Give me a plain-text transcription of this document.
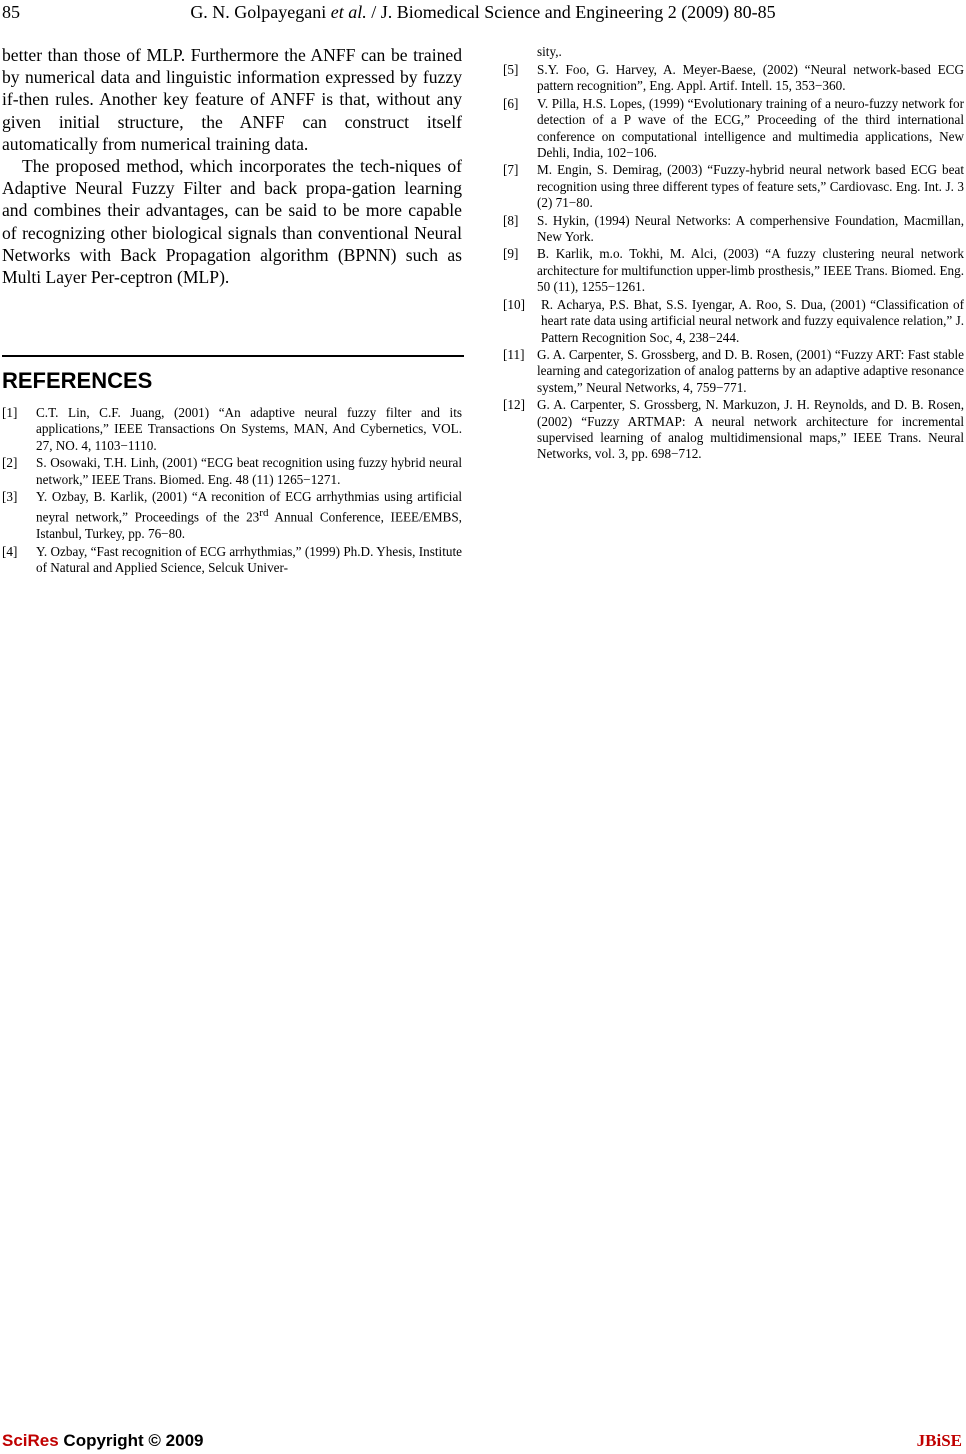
85	G. N. Golpayegani et al. / J. Biomedical Science and Engineering 2 (2009) 80-85

better than those of MLP. Furthermore the ANFF can be trained by numerical data and linguistic information expressed by fuzzy if-then rules. Another key feature of ANFF is that, without any given initial structure, the ANFF can construct itself automatically from numerical training data.

The proposed method, which incorporates the tech-niques of Adaptive Neural Fuzzy Filter and back propa-gation learning and combines their advantages, can be said to be more capable of recognizing other biological signals than conventional Neural Networks with Back Propagation algorithm (BPNN) such as Multi Layer Per-ceptron (MLP).

REFERENCES
[1] C.T. Lin, C.F. Juang, (2001) “An adaptive neural fuzzy filter and its applications,” IEEE Transactions On Systems, MAN, And Cybernetics, VOL. 27, NO. 4, 1103−1110.
[2] S. Osowaki, T.H. Linh, (2001) “ECG beat recognition using fuzzy hybrid neural network,” IEEE Trans. Biomed. Eng. 48 (11) 1265−1271.
[3] Y. Ozbay, B. Karlik, (2001) “A reconition of ECG arrhythmias using artificial neyral network,” Proceedings of the 23rd Annual Conference, IEEE/EMBS, Istanbul, Turkey, pp. 76−80.
[4] Y. Ozbay, “Fast recognition of ECG arrhythmias,” (1999) Ph.D. Yhesis, Institute of Natural and Applied Science, Selcuk Univer-
sity,.
[5] S.Y. Foo, G. Harvey, A. Meyer-Baese, (2002) “Neural network-based ECG pattern recognition”, Eng. Appl. Artif. Intell. 15, 353−360.
[6] V. Pilla, H.S. Lopes, (1999) “Evolutionary training of a neuro-fuzzy network for detection of a P wave of the ECG,” Proceeding of the third international conference on computational intelligence and multimedia applications, New Dehli, India, 102−106.
[7] M. Engin, S. Demirag, (2003) “Fuzzy-hybrid neural network based ECG beat recognition using three different types of feature sets,” Cardiovasc. Eng. Int. J. 3 (2) 71−80.
[8] S. Hykin, (1994) Neural Networks: A comperhensive Foundation, Macmillan, New York.
[9] B. Karlik, m.o. Tokhi, M. Alci, (2003) “A fuzzy clustering neural network architecture for multifunction upper-limb prosthesis,” IEEE Trans. Biomed. Eng. 50 (11), 1255−1261.
[10] R. Acharya, P.S. Bhat, S.S. Iyengar, A. Roo, S. Dua, (2001) “Classification of heart rate data using artificial neural network and fuzzy equivalence relation,” J. Pattern Recognition Soc, 4, 238−244.
[11] G. A. Carpenter, S. Grossberg, and D. B. Rosen, (2001) “Fuzzy ART: Fast stable learning and categorization of analog patterns by an adaptive adaptive resonance system,” Neural Networks, 4, 759−771.
[12] G. A. Carpenter, S. Grossberg, N. Markuzon, J. H. Reynolds, and D. B. Rosen, (2002) “Fuzzy ARTMAP: A neural network architecture for incremental supervised learning of analog multidimensional maps,” IEEE Trans. Neural Networks, vol. 3, pp. 698−712.
SciRes Copyright © 2009	JBiSE
